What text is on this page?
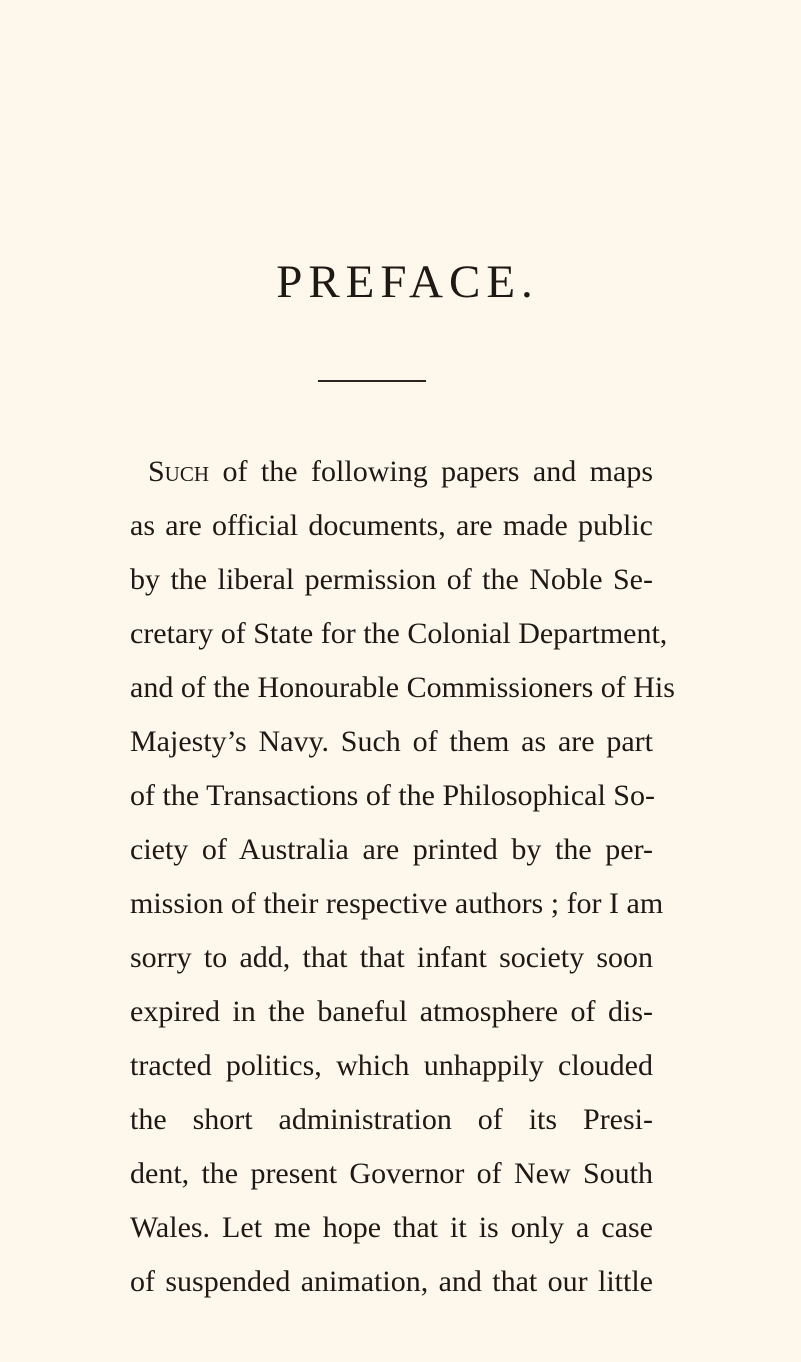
PREFACE.
Such of the following papers and maps
as are official documents, are made public
by the liberal permission of the Noble Se-
cretary of State for the Colonial Department,
and of the Honourable Commissioners of His
Majesty’s Navy. Such of them as are part
of the Transactions of the Philosophical So-
ciety of Australia are printed by the per-
mission of their respective authors ; for I am
sorry to add, that that infant society soon
expired in the baneful atmosphere of dis-
tracted politics, which unhappily clouded
the short administration of its Presi-
dent, the present Governor of New South
Wales. Let me hope that it is only a case
of suspended animation, and that our little
